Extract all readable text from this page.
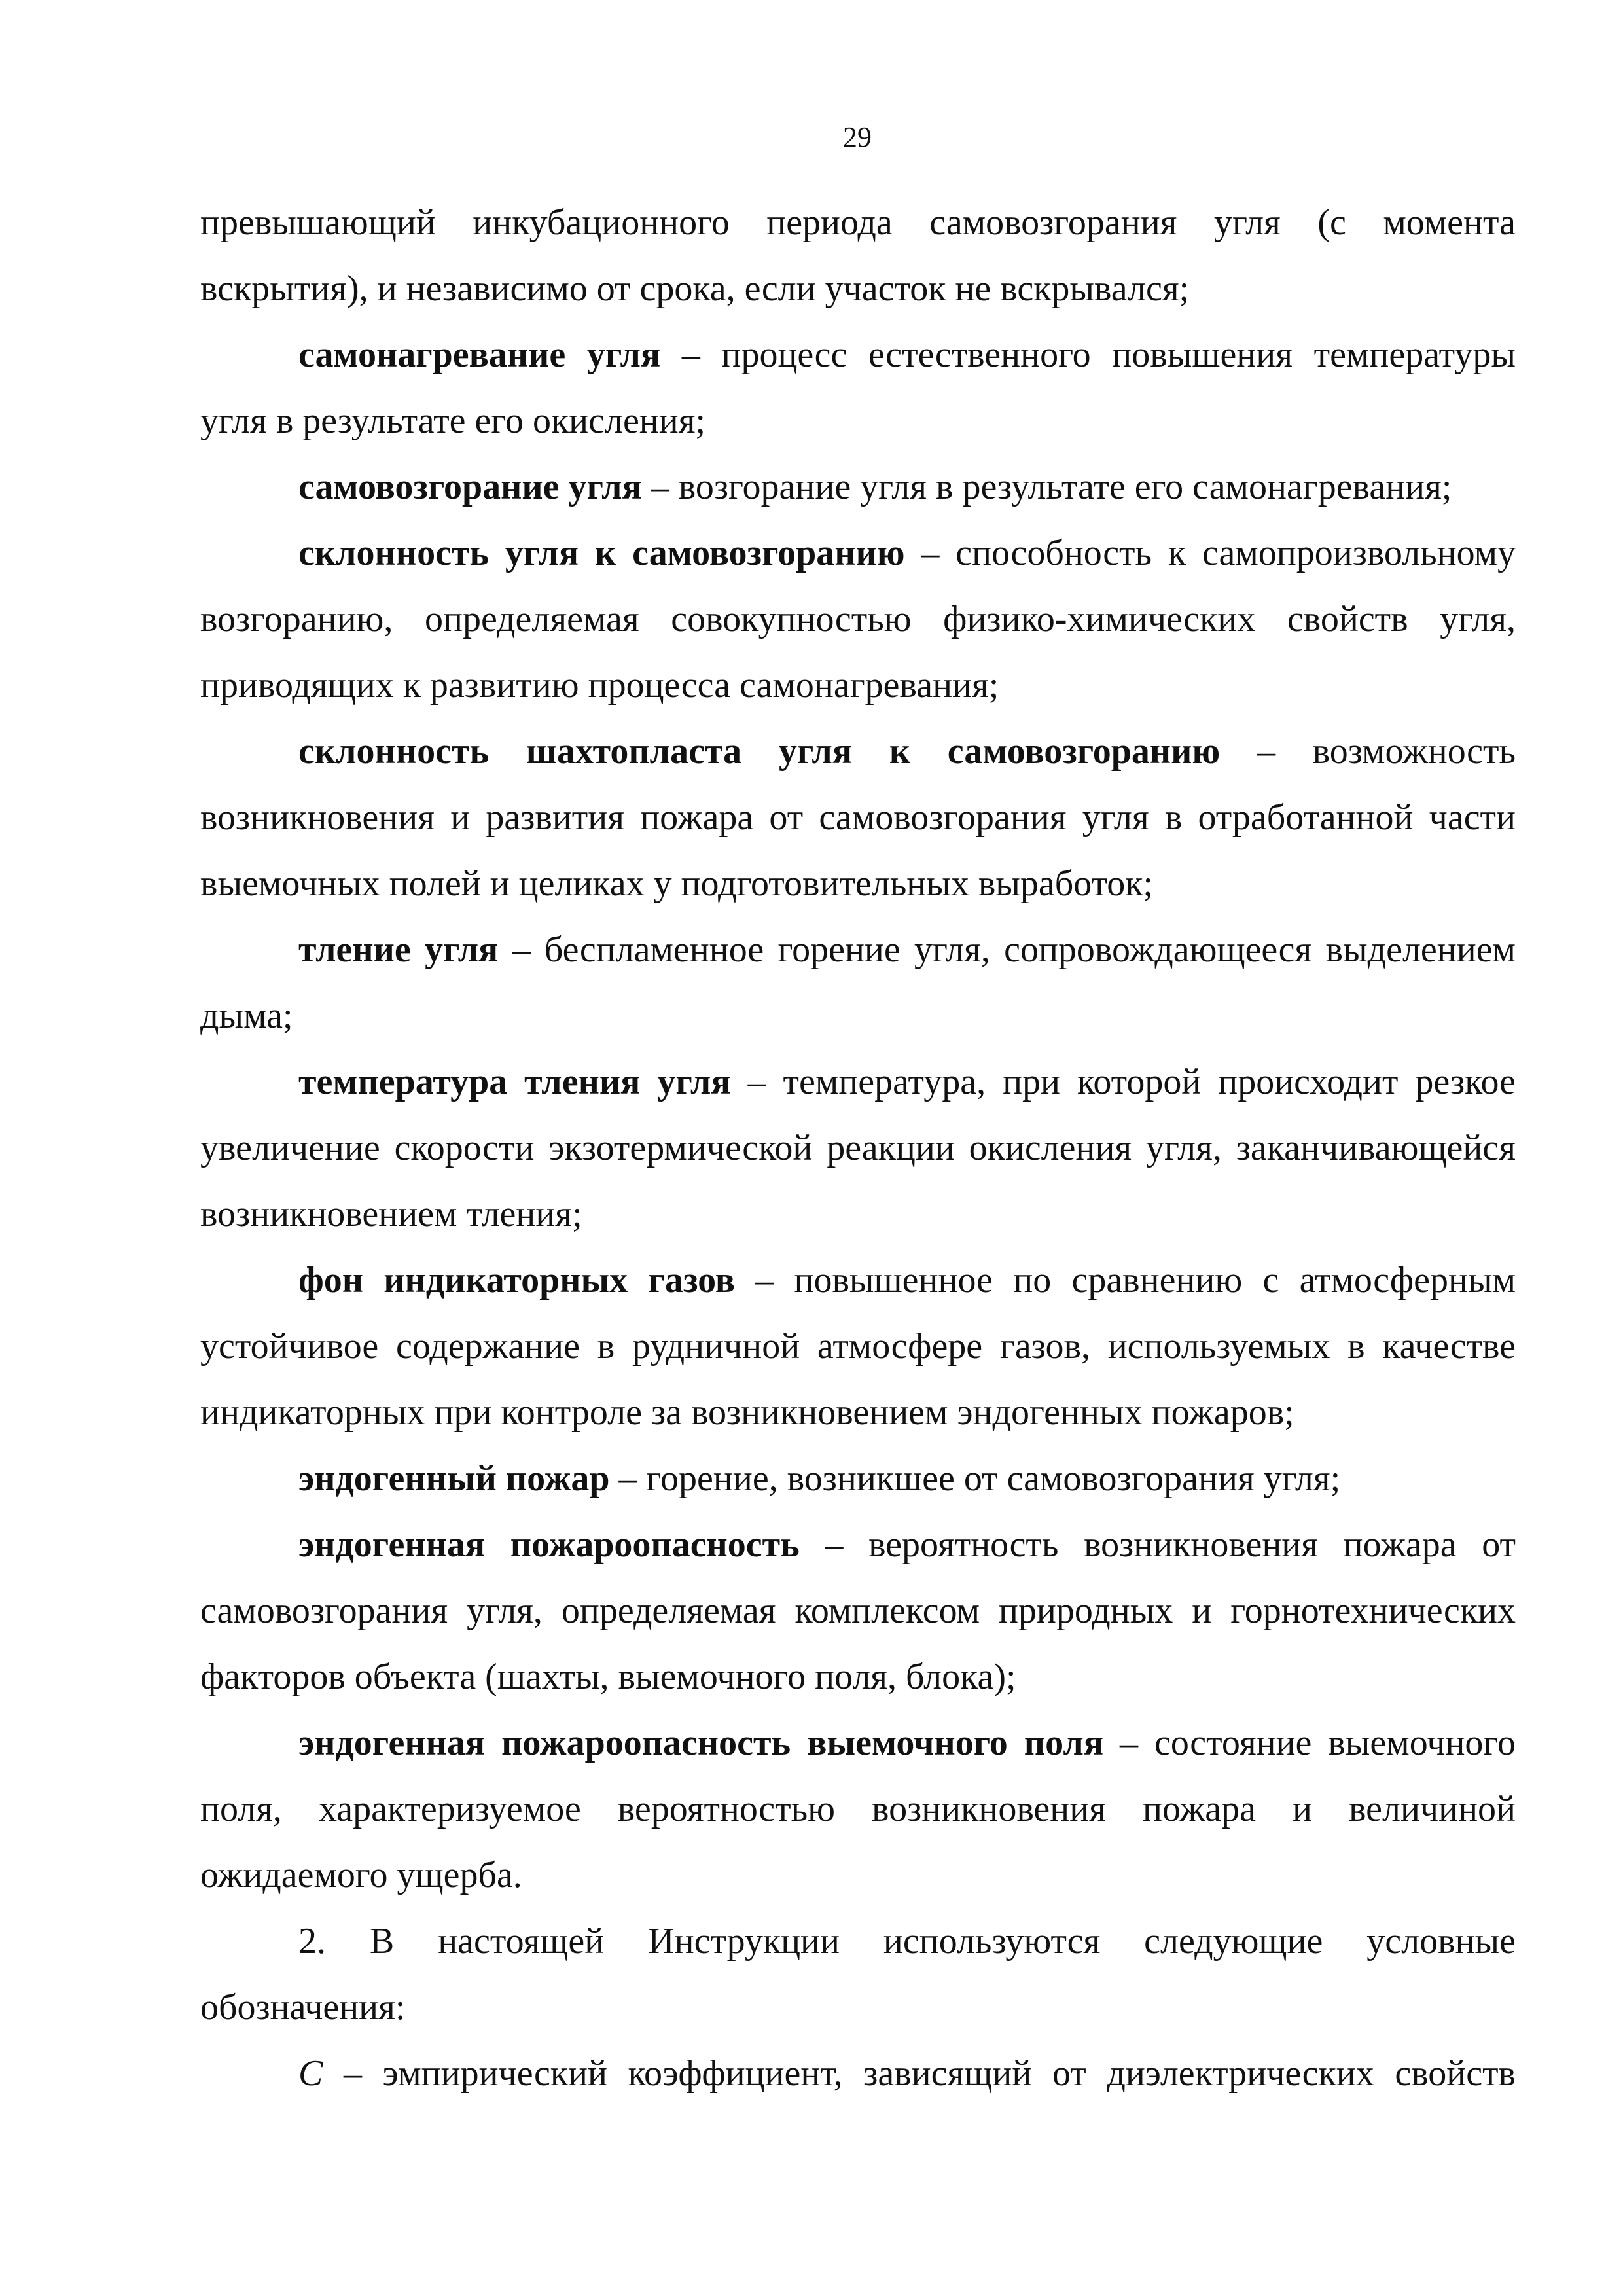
29

превышающий инкубационного периода самовозгорания угля (с момента вскрытия), и независимо от срока, если участок не вскрывался;

самонагревание угля – процесс естественного повышения температуры угля в результате его окисления;

самовозгорание угля – возгорание угля в результате его самонагревания;

склонность угля к самовозгоранию – способность к самопроизвольному возгоранию, определяемая совокупностью физико-химических свойств угля, приводящих к развитию процесса самонагревания;

склонность шахтопласта угля к самовозгоранию – возможность возникновения и развития пожара от самовозгорания угля в отработанной части выемочных полей и целиках у подготовительных выработок;

тление угля – беспламенное горение угля, сопровождающееся выделением дыма;

температура тления угля – температура, при которой происходит резкое увеличение скорости экзотермической реакции окисления угля, заканчивающейся возникновением тления;

фон индикаторных газов – повышенное по сравнению с атмосферным устойчивое содержание в рудничной атмосфере газов, используемых в качестве индикаторных при контроле за возникновением эндогенных пожаров;

эндогенный пожар – горение, возникшее от самовозгорания угля;

эндогенная пожароопасность – вероятность возникновения пожара от самовозгорания угля, определяемая комплексом природных и горнотехнических факторов объекта (шахты, выемочного поля, блока);

эндогенная пожароопасность выемочного поля – состояние выемочного поля, характеризуемое вероятностью возникновения пожара и величиной ожидаемого ущерба.

2. В настоящей Инструкции используются следующие условные обозначения:

C – эмпирический коэффициент, зависящий от диэлектрических свойств
